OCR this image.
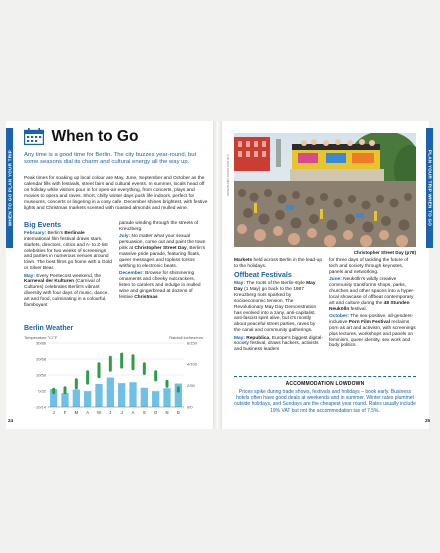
When to Go

Any time is a good time for Berlin. The city buzzes year-round, but some seasons dial its charm and cultural energy all the way up.

Peak times for soaking up local colour are May, June, September and October as the calendar fills with festivals, street fairs and cultural events. In summer, locals head off on holiday while visitors pour in for open-air everything, from concerts, plays and movies to opera and raves. Short, chilly winter days push life indoors, perfect for museums, concerts or lingering in a cosy cafe. December shines brightest, with festive lights and Christmas markets scented with roasted almonds and mulled wine.

Big Events

February: Berlin's Berlinale international film festival draws stars, starlets, directors, critics and A- to Z-list celebrities for two weeks of screenings and parties in numerous venues around town. The best films go home with a Gold or Silver Bear.

May: Every Pentecost weekend, the Karneval der Kulturen (Carnival of Cultures) celebrates Berlin's vibrant diversity with four days of music, dance, art and food, culminating in a colourful, flamboyant

parade winding through the streets of Kreuzberg.

July: No matter what your sexual persuasion, come out and paint the town pink at Christopher Street Day, Berlin's massive pride parade, featuring floats, queer messages and topless torsos writhing to electronic beats.

December: Browse for shimmering ornaments and cheeky nutcrackers, listen to carolers and indulge in mulled wine and gingerbread at dozens of festive Christmas

Berlin Weather
Temperature °C/°F	Rainfall inches/mm
30/86
20/68
10/50
0/32
-10/14
6/150
4/100
2/50
0/0
J F M A M J J A S O N D
PANO/ALAMY STOCK PHOTO ©
Christopher Street Day (p78)

Markets held across Berlin in the lead-up to the holidays.

Offbeat Festivals

May: The roots of the Berlin-style May Day (1 May) go back to the 1987 Kreuzberg riots sparked by socioeconomic tension. The Revolutionary May Day Demonstration has evolved into a zany, anti-capitalist, anti-fascist spirit alive, but it's mostly about peaceful street parties, raves by the canal and community gatherings.

May: Republica, Europe's biggest digital-society festival, draws hackers, activists and business leaders

for three days of tackling the future of tech and society through keynotes, panels and networking.

June: Neukölln's wildly creative community transforms shops, parks, churches and other spaces into a hyper-local showcase of offbeat contemporary art and culture during the 48 Stunden Neukölln festival.

October: The sex-positive, all-genders-inclusive Porn Film Festival reclaims porn as art and activism, with screenings plus lectures, workshops and panels on feminism, queer identity, sex work and body politics.

ACCOMMODATION LOWDOWN

Prices spike during trade shows, festivals and holidays – book early. Business hotels often have good deals at weekends and in summer. Winter rates plummet outside holidays, and Sundays are the cheapest year round. Rates usually include 19% VAT but not the accommodation tax of 7.5%.

WHEN TO GO PLAN YOUR TRIP	PLAN YOUR TRIP WHEN TO GO
24	25
